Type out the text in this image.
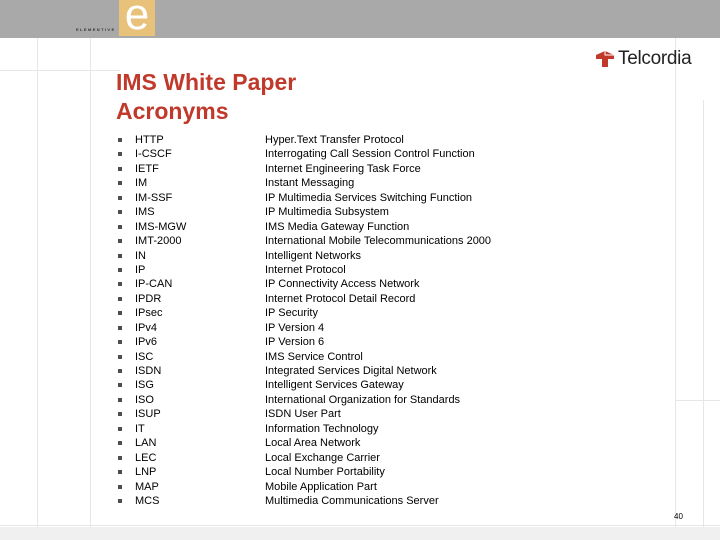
e
ELEMENTIVE
Telcordia
IMS White Paper
Acronyms
HTTP	Hyper.Text Transfer Protocol
I-CSCF	Interrogating Call Session Control Function
IETF	Internet Engineering Task Force
IM	Instant Messaging
IM-SSF	IP Multimedia Services Switching Function
IMS	IP Multimedia Subsystem
IMS-MGW	IMS Media Gateway Function
IMT-2000	International Mobile Telecommunications 2000
IN	Intelligent Networks
IP	Internet Protocol
IP-CAN	IP Connectivity Access Network
IPDR	Internet Protocol Detail Record
IPsec	IP Security
IPv4	IP Version 4
IPv6	IP Version 6
ISC	IMS Service Control
ISDN	Integrated Services Digital Network
ISG	Intelligent Services Gateway
ISO	International Organization for Standards
ISUP	ISDN User Part
IT	Information Technology
LAN	Local Area Network
LEC	Local Exchange Carrier
LNP	Local Number Portability
MAP	Mobile Application Part
MCS	Multimedia Communications Server
40
